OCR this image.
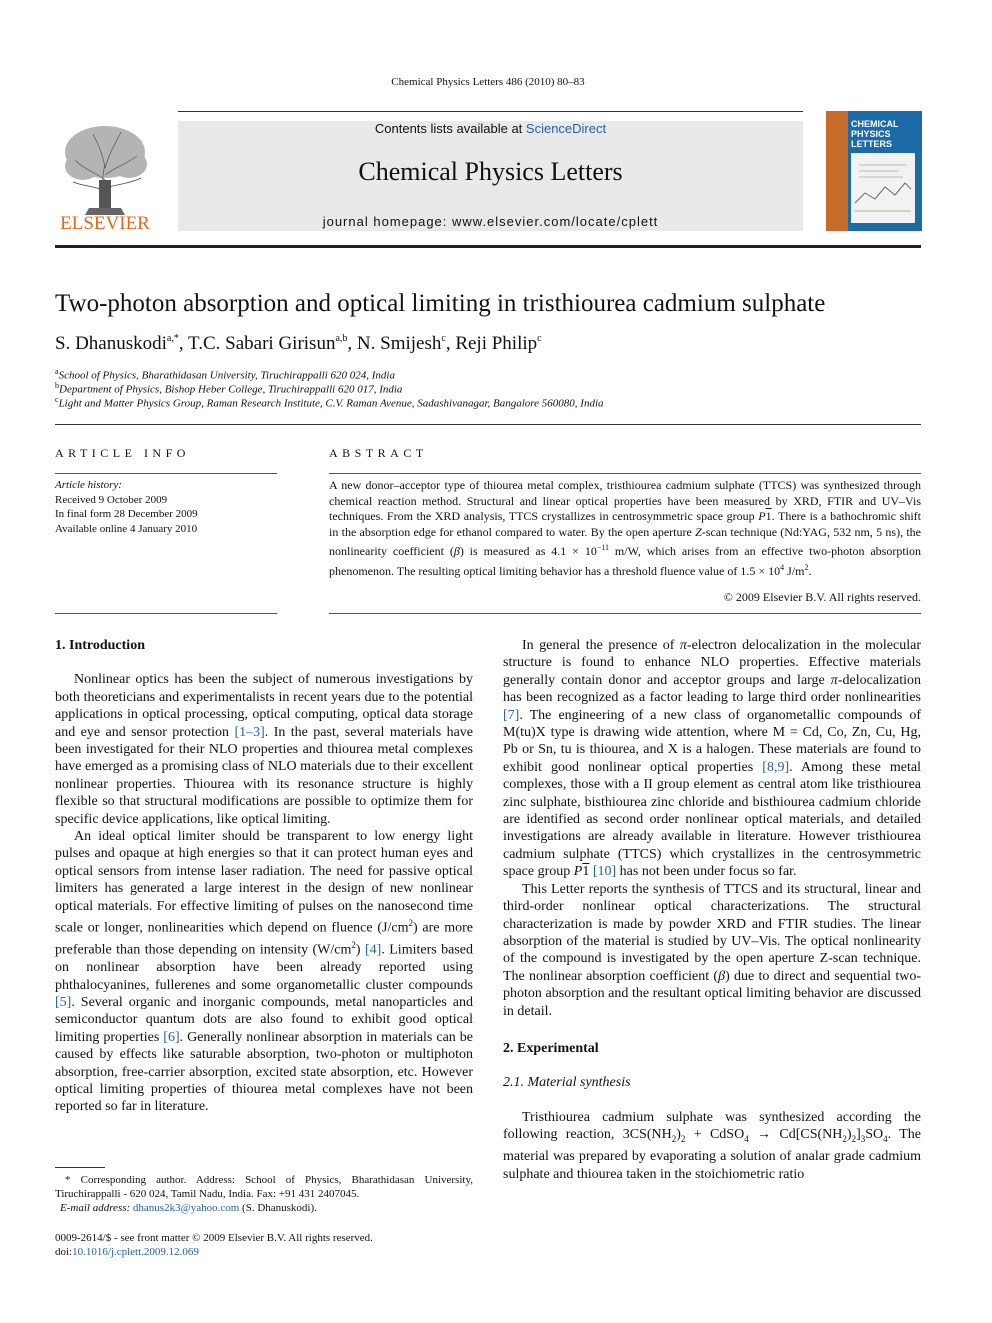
Chemical Physics Letters 486 (2010) 80–83
ELSEVIER
Contents lists available at ScienceDirect
Chemical Physics Letters
journal homepage: www.elsevier.com/locate/cplett
CHEMICAL
PHYSICS
LETTERS
Two-photon absorption and optical limiting in tristhiourea cadmium sulphate
S. Dhanuskodi$^{a,*}$, T.C. Sabari Girisun$^{a,b}$, N. Smijesh$^c$, Reji Philip$^c$
$^a$School of Physics, Bharathidasan University, Tiruchirappalli 620 024, India
$^b$Department of Physics, Bishop Heber College, Tiruchirappalli 620 017, India
$^c$Light and Matter Physics Group, Raman Research Institute, C.V. Raman Avenue, Sadashivanagar, Bangalore 560080, India
ARTICLE INFO
Article history:
Received 9 October 2009
In final form 28 December 2009
Available online 4 January 2010
ABSTRACT
A new donor–acceptor type of thiourea metal complex, tristhiourea cadmium sulphate (TTCS) was synthesized through chemical reaction method. Structural and linear optical properties have been measured by XRD, FTIR and UV–Vis techniques. From the XRD analysis, TTCS crystallizes in centrosymmetric space group P1. There is a bathochromic shift in the absorption edge for ethanol compared to water. By the open aperture Z-scan technique (Nd:YAG, 532 nm, 5 ns), the nonlinearity coefficient (β) is measured as $4.1 \times 10^{-11}$ m/W, which arises from an effective two-photon absorption phenomenon. The resulting optical limiting behavior has a threshold fluence value of $1.5 \times 10^4$ $J/m^2$.
© 2009 Elsevier B.V. All rights reserved.
1. Introduction

Nonlinear optics has been the subject of numerous investigations by both theoreticians and experimentalists in recent years due to the potential applications in optical processing, optical computing, optical data storage and eye and sensor protection [1–3]. In the past, several materials have been investigated for their NLO properties and thiourea metal complexes have emerged as a promising class of NLO materials due to their excellent nonlinear properties. Thiourea with its resonance structure is highly flexible so that structural modifications are possible to optimize them for specific device applications, like optical limiting.

An ideal optical limiter should be transparent to low energy light pulses and opaque at high energies so that it can protect human eyes and optical sensors from intense laser radiation. The need for passive optical limiters has generated a large interest in the design of new nonlinear optical materials. For effective limiting of pulses on the nanosecond time scale or longer, nonlinearities which depend on fluence $(J/cm^2)$ are more preferable than those depending on intensity $(W/cm^2)$ [4]. Limiters based on nonlinear absorption have been already reported using phthalocyanines, fullerenes and some organometallic cluster compounds [5]. Several organic and inorganic compounds, metal nanoparticles and semiconductor quantum dots are also found to exhibit good optical limiting properties [6]. Generally nonlinear absorption in materials can be caused by effects like saturable absorption, two-photon or multiphoton absorption, free-carrier absorption, excited state absorption, etc. However optical limiting properties of thiourea metal complexes have not been reported so far in literature.

* Corresponding author. Address: School of Physics, Bharathidasan University, Tiruchirappalli - 620 024, Tamil Nadu, India. Fax: +91 431 2407045.
E-mail address: dhanus2k3@yahoo.com (S. Dhanuskodi).
0009-2614/$ - see front matter © 2009 Elsevier B.V. All rights reserved.
doi:10.1016/j.cplett.2009.12.069

In general the presence of π-electron delocalization in the molecular structure is found to enhance NLO properties. Effective materials generally contain donor and acceptor groups and large π-delocalization has been recognized as a factor leading to large third order nonlinearities [7]. The engineering of a new class of organometallic compounds of M(tu)X type is drawing wide attention, where M = Cd, Co, Zn, Cu, Hg, Pb or Sn, tu is thiourea, and X is a halogen. These materials are found to exhibit good nonlinear optical properties [8,9]. Among these metal complexes, those with a II group element as central atom like tristhiourea zinc sulphate, bisthiourea zinc chloride and bisthiourea cadmium chloride are identified as second order nonlinear optical materials, and detailed investigations are already available in literature. However tristhiourea cadmium sulphate (TTCS) which crystallizes in the centrosymmetric space group P1 [10] has not been under focus so far.

This Letter reports the synthesis of TTCS and its structural, linear and third-order nonlinear optical characterizations. The structural characterization is made by powder XRD and FTIR studies. The linear absorption of the material is studied by UV–Vis. The optical nonlinearity of the compound is investigated by the open aperture Z-scan technique. The nonlinear absorption coefficient (β) due to direct and sequential two-photon absorption and the resultant optical limiting behavior are discussed in detail.

2. Experimental
2.1. Material synthesis

Tristhiourea cadmium sulphate was synthesized according the following reaction, $3CS(NH_2)_2$ + CdSO$_4$ → $Cd[CS(NH_2)_2]_3SO_4$. The material was prepared by evaporating a solution of analar grade cadmium sulphate and thiourea taken in the stoichiometric ratio
